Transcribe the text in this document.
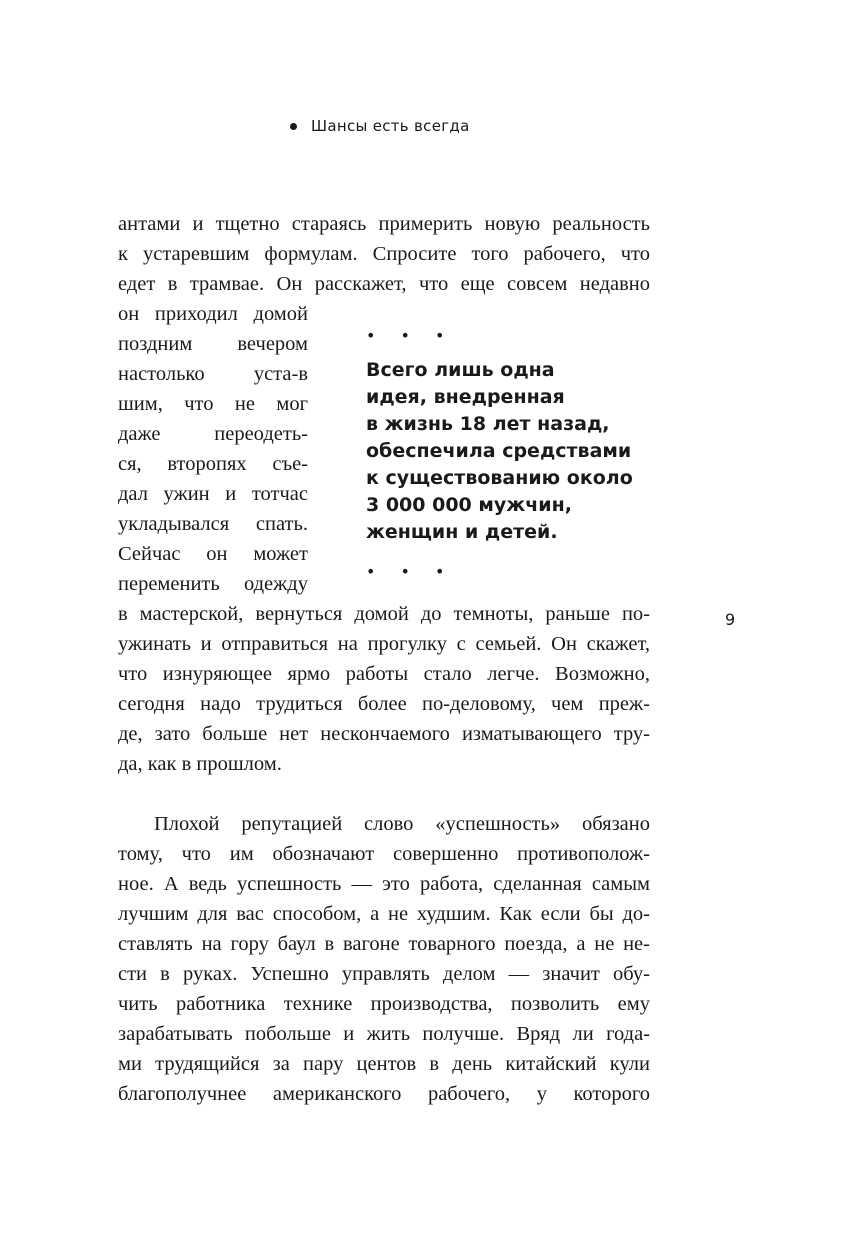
Шансы есть всегда
антами и тщетно стараясь примерить новую реальность
к устаревшим формулам. Спросите того рабочего, что
едет в трамвае. Он расскажет, что еще совсем недавно
он приходил домой
поздним вечером
настолько уста-в
шим, что не мог
даже переодеть-
ся, второпях съе-
дал ужин и тотчас
укладывался спать.
Сейчас он может
переменить одежду
• • •
Всего лишь одна
идея, внедренная
в жизнь 18 лет назад,
обеспечила средствами
к существованию около
3 000 000 мужчин,
женщин и детей.
• • •
в мастерской, вернуться домой до темноты, раньше по-
ужинать и отправиться на прогулку с семьей. Он скажет,
что изнуряющее ярмо работы стало легче. Возможно,
сегодня надо трудиться более по-деловому, чем преж-
де, зато больше нет нескончаемого изматывающего тру-
да, как в прошлом.
Плохой репутацией слово «успешность» обязано
тому, что им обозначают совершенно противополож-
ное. А ведь успешность — это работа, сделанная самым
лучшим для вас способом, а не худшим. Как если бы до-
ставлять на гору баул в вагоне товарного поезда, а не не-
сти в руках. Успешно управлять делом — значит обу-
чить работника технике производства, позволить ему
зарабатывать побольше и жить получше. Вряд ли года-
ми трудящийся за пару центов в день китайский кули
благополучнее американского рабочего, у которого
9
